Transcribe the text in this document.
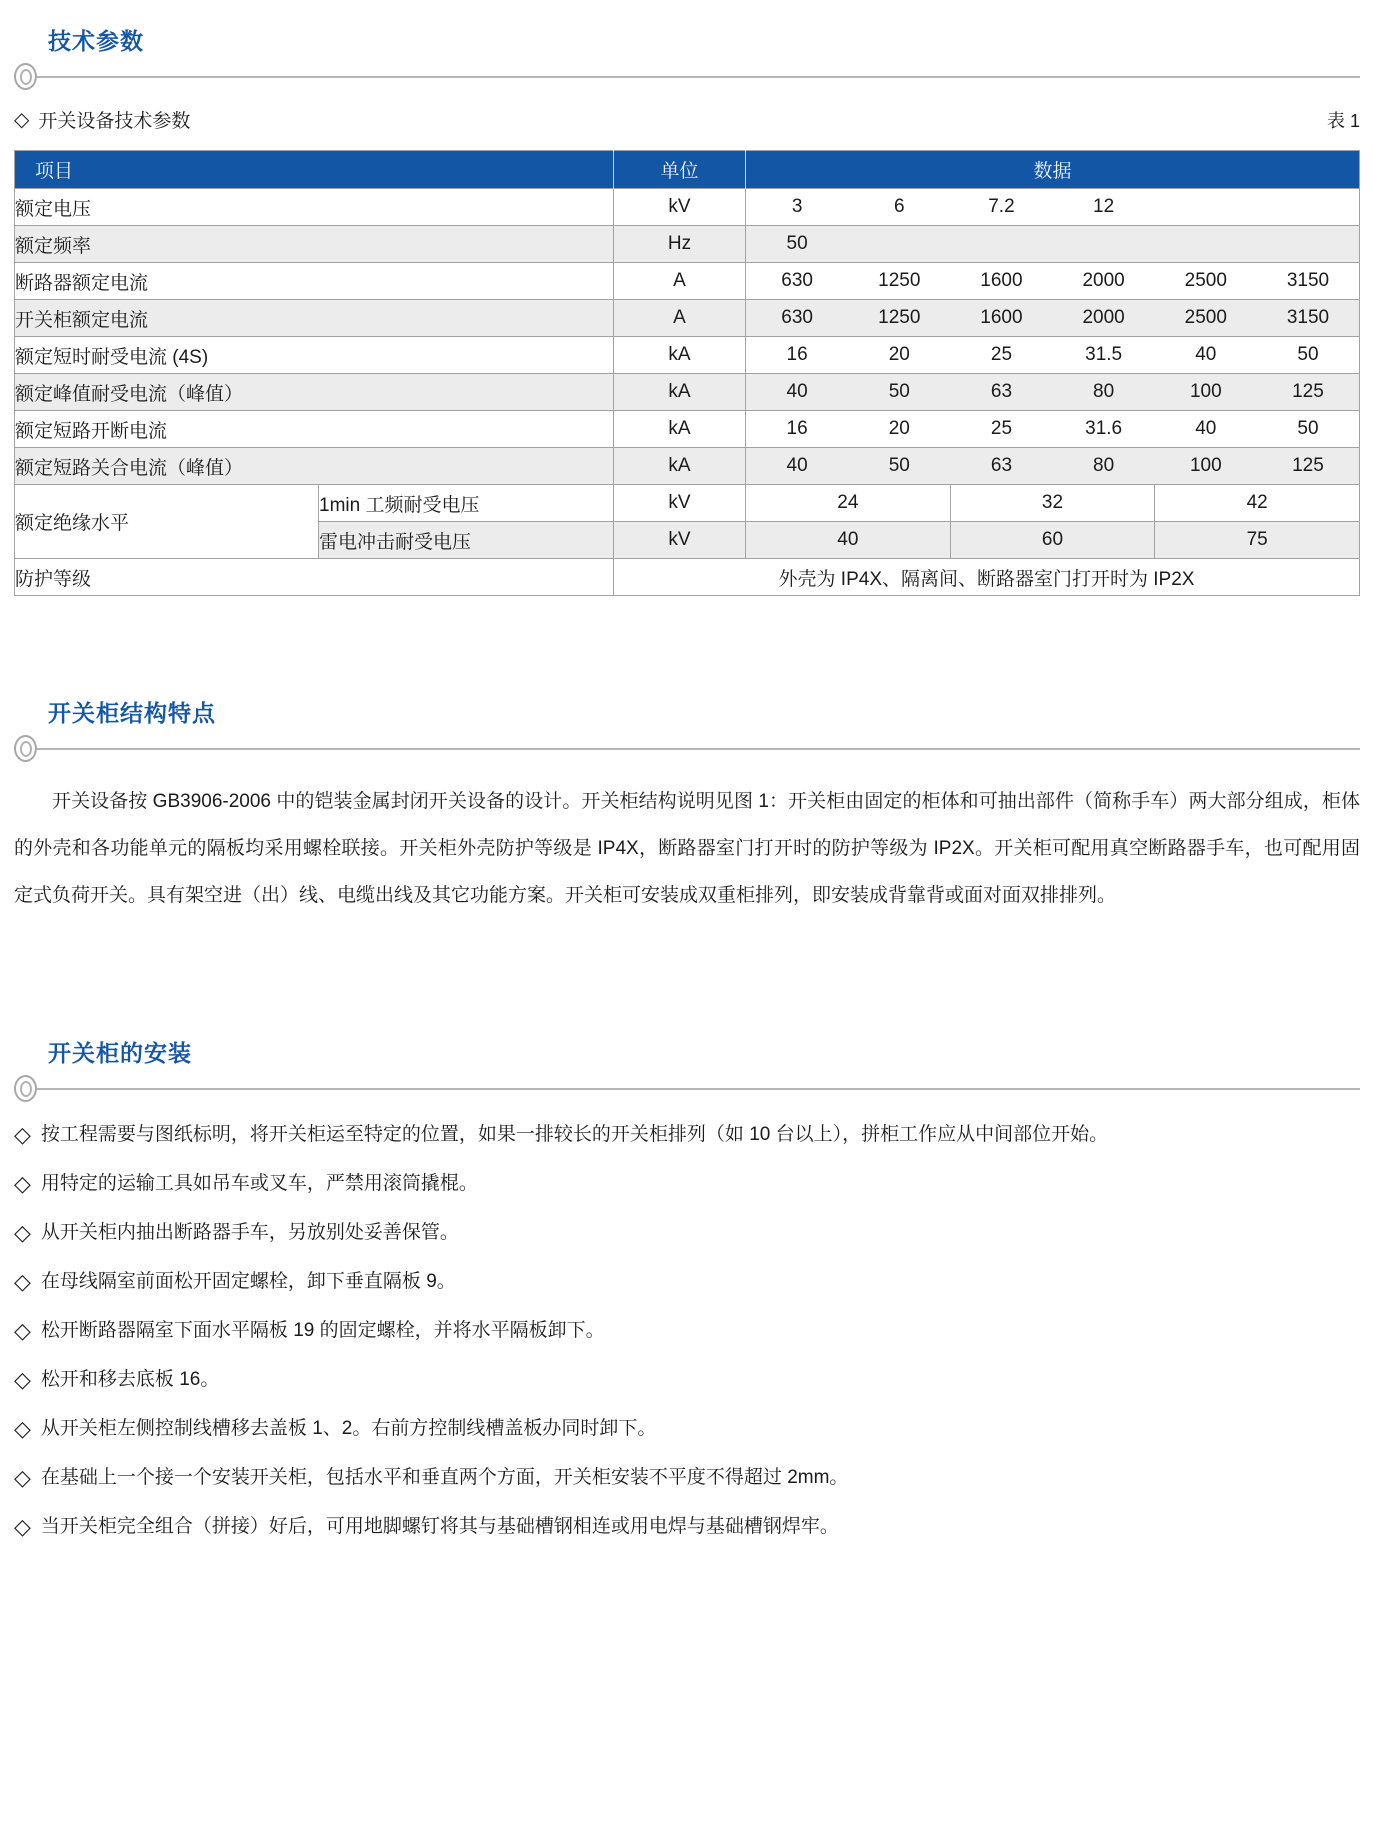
技术参数
◇ 开关设备技术参数	表 1
项目		单位	数据		
额定电压		kV	3 6 7.2 12		

额定频率		Hz	50		

断路器额定电流	A	630	1250	1600	2000	2500	3150

开关柜额定电流	A	630	1250	1600	2000	2500	3150

额定短时耐受电流 (4S)	kA	16	20	25	31.5	40	50

额定峰值耐受电流（峰值）	kA	40	50	63	80	100	125

额定短路开断电流	kA	16	20	25	31.6	40	50

额定短路关合电流（峰值）	kA	40	50	63	80	100	125

额定绝缘水平	1min 工频耐受电压	kV	24	32	42
	雷电冲击耐受电压	kV	40	60	75
防护等级		外壳为 IP4X、隔离间、断路器室门打开时为 IP2X			
开关柜结构特点

开关设备按 GB3906-2006 中的铠装金属封闭开关设备的设计。开关柜结构说明见图 1：开关柜由固定的柜体和可抽出部件（简称手车）两大部分组成，柜体的外壳和各功能单元的隔板均采用螺栓联接。开关柜外壳防护等级是 IP4X，断路器室门打开时的防护等级为 IP2X。开关柜可配用真空断路器手车，也可配用固定式负荷开关。具有架空进（出）线、电缆出线及其它功能方案。开关柜可安装成双重柜排列，即安装成背靠背或面对面双排排列。

开关柜的安装
◇ 按工程需要与图纸标明，将开关柜运至特定的位置，如果一排较长的开关柜排列（如 10 台以上），拼柜工作应从中间部位开始。
◇ 用特定的运输工具如吊车或叉车，严禁用滚筒撬棍。
◇ 从开关柜内抽出断路器手车，另放别处妥善保管。
◇ 在母线隔室前面松开固定螺栓，卸下垂直隔板 9。
◇ 松开断路器隔室下面水平隔板 19 的固定螺栓，并将水平隔板卸下。
◇ 松开和移去底板 16。
◇ 从开关柜左侧控制线槽移去盖板 1、2。右前方控制线槽盖板办同时卸下。
◇ 在基础上一个接一个安装开关柜，包括水平和垂直两个方面，开关柜安装不平度不得超过 2mm。
◇ 当开关柜完全组合（拼接）好后，可用地脚螺钉将其与基础槽钢相连或用电焊与基础槽钢焊牢。
